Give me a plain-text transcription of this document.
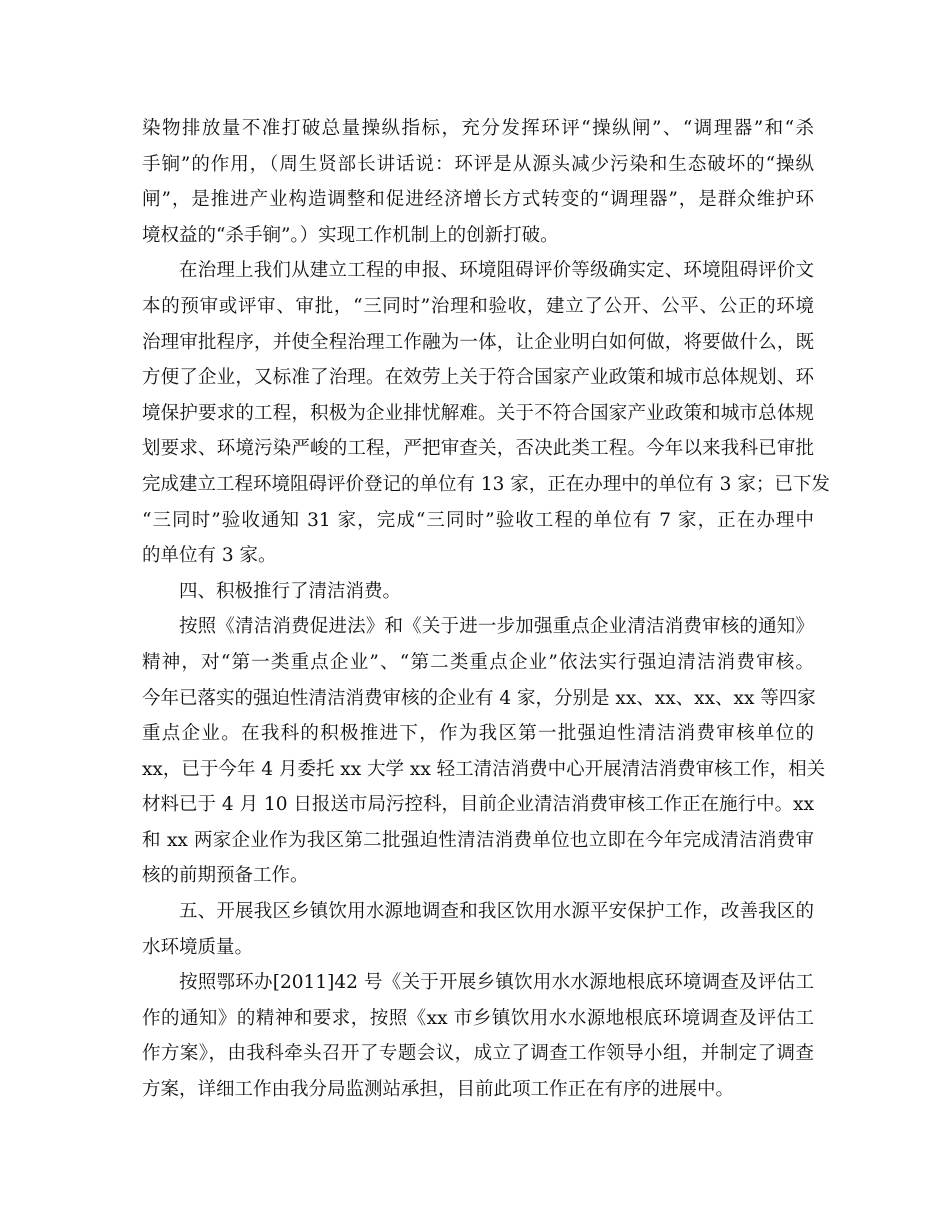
染物排放量不准打破总量操纵指标，充分发挥环评“操纵闸”、“调理器”和“杀
手锏”的作用，（周生贤部长讲话说：环评是从源头减少污染和生态破坏的“操纵
闸”，是推进产业构造调整和促进经济增长方式转变的“调理器”，是群众维护环
境权益的“杀手锏”。）实现工作机制上的创新打破。
在治理上我们从建立工程的申报、环境阻碍评价等级确实定、环境阻碍评价文
本的预审或评审、审批，“三同时”治理和验收，建立了公开、公平、公正的环境
治理审批程序，并使全程治理工作融为一体，让企业明白如何做，将要做什么，既
方便了企业，又标准了治理。在效劳上关于符合国家产业政策和城市总体规划、环
境保护要求的工程，积极为企业排忧解难。关于不符合国家产业政策和城市总体规
划要求、环境污染严峻的工程，严把审查关，否决此类工程。今年以来我科已审批
完成建立工程环境阻碍评价登记的单位有 13 家，正在办理中的单位有 3 家；已下发
“三同时”验收通知 31 家，完成“三同时”验收工程的单位有 7 家，正在办理中
的单位有 3 家。
四、积极推行了清洁消费。
按照《清洁消费促进法》和《关于进一步加强重点企业清洁消费审核的通知》
精神，对“第一类重点企业”、“第二类重点企业”依法实行强迫清洁消费审核。
今年已落实的强迫性清洁消费审核的企业有 4 家，分别是 xx、xx、xx、xx 等四家
重点企业。在我科的积极推进下，作为我区第一批强迫性清洁消费审核单位的
xx，已于今年 4 月委托 xx 大学 xx 轻工清洁消费中心开展清洁消费审核工作，相关
材料已于 4 月 10 日报送市局污控科，目前企业清洁消费审核工作正在施行中。xx
和 xx 两家企业作为我区第二批强迫性清洁消费单位也立即在今年完成清洁消费审
核的前期预备工作。
五、开展我区乡镇饮用水源地调查和我区饮用水源平安保护工作，改善我区的
水环境质量。
按照鄂环办[2011]42 号《关于开展乡镇饮用水水源地根底环境调查及评估工
作的通知》的精神和要求，按照《xx 市乡镇饮用水水源地根底环境调查及评估工
作方案》，由我科牵头召开了专题会议，成立了调查工作领导小组，并制定了调查
方案，详细工作由我分局监测站承担，目前此项工作正在有序的进展中。
